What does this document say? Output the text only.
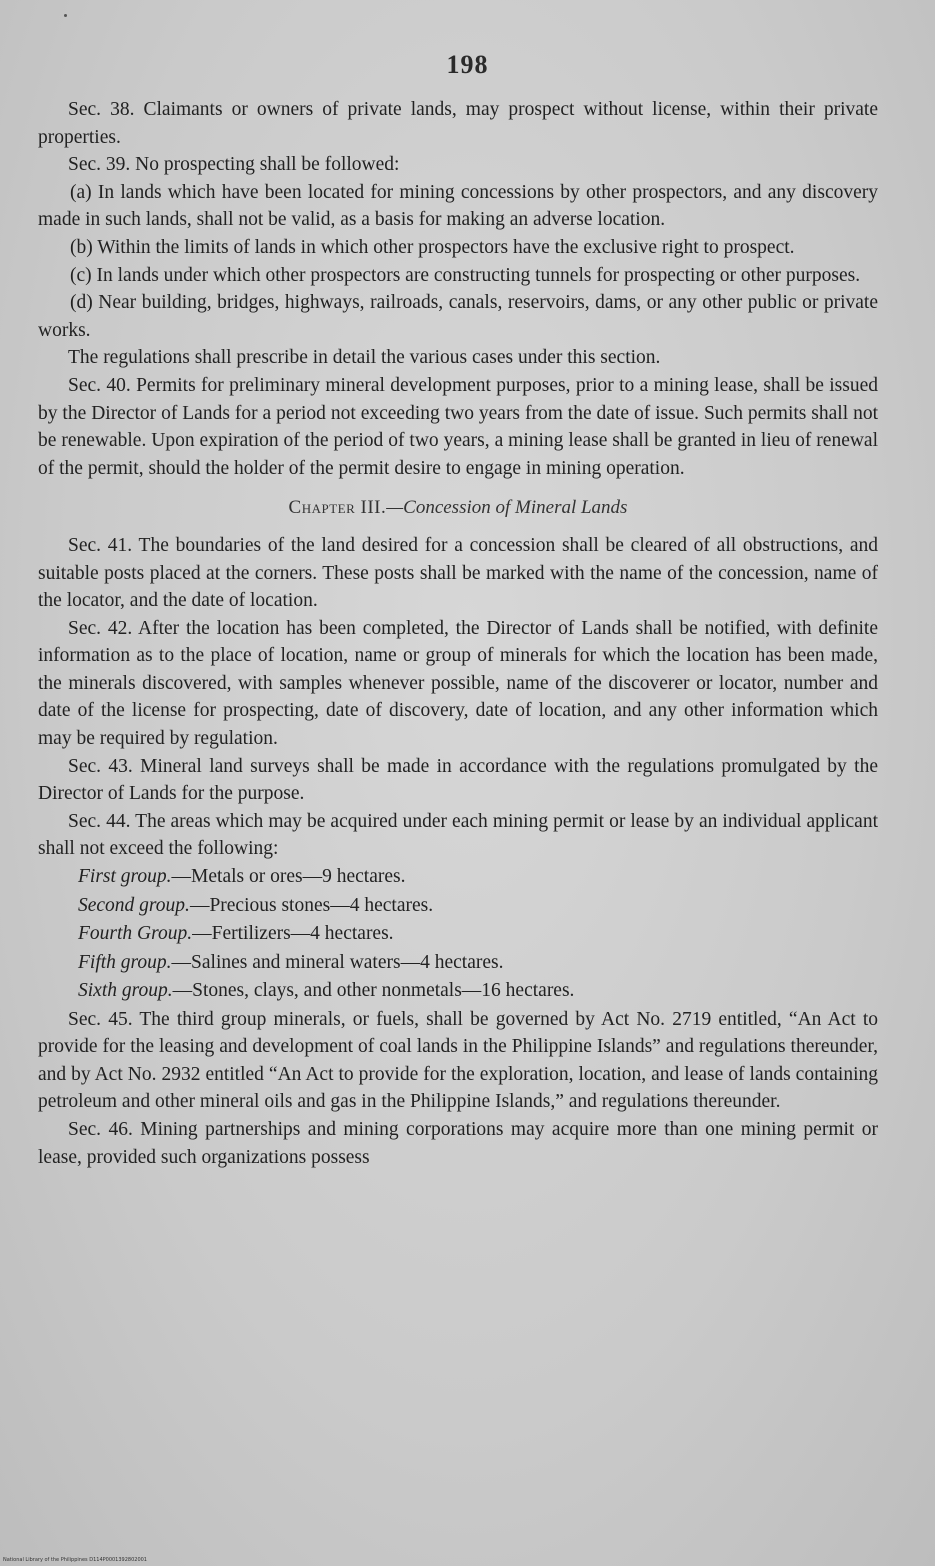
198

Sec. 38. Claimants or owners of private lands, may prospect without license, within their private properties.

Sec. 39. No prospecting shall be followed:

(a) In lands which have been located for mining concessions by other prospectors, and any discovery made in such lands, shall not be valid, as a basis for making an adverse location.

(b) Within the limits of lands in which other prospectors have the exclusive right to prospect.

(c) In lands under which other prospectors are constructing tunnels for prospecting or other purposes.

(d) Near building, bridges, highways, railroads, canals, reservoirs, dams, or any other public or private works.

The regulations shall prescribe in detail the various cases under this section.

Sec. 40. Permits for preliminary mineral development purposes, prior to a mining lease, shall be issued by the Director of Lands for a period not exceeding two years from the date of issue. Such permits shall not be renewable. Upon expiration of the period of two years, a mining lease shall be granted in lieu of renewal of the permit, should the holder of the permit desire to engage in mining operation.

Chapter III.—Concession of Mineral Lands

Sec. 41. The boundaries of the land desired for a concession shall be cleared of all obstructions, and suitable posts placed at the corners. These posts shall be marked with the name of the concession, name of the locator, and the date of location.

Sec. 42. After the location has been completed, the Director of Lands shall be notified, with definite information as to the place of location, name or group of minerals for which the location has been made, the minerals discovered, with samples whenever possible, name of the discoverer or locator, number and date of the license for prospecting, date of discovery, date of location, and any other information which may be required by regulation.

Sec. 43. Mineral land surveys shall be made in accordance with the regulations promulgated by the Director of Lands for the purpose.

Sec. 44. The areas which may be acquired under each mining permit or lease by an individual applicant shall not exceed the following:

First group.—Metals or ores—9 hectares.
Second group.—Precious stones—4 hectares.
Fourth Group.—Fertilizers—4 hectares.
Fifth group.—Salines and mineral waters—4 hectares.
Sixth group.—Stones, clays, and other nonmetals—16 hectares.

Sec. 45. The third group minerals, or fuels, shall be governed by Act No. 2719 entitled, “An Act to provide for the leasing and development of coal lands in the Philippine Islands” and regulations thereunder, and by Act No. 2932 entitled “An Act to provide for the exploration, location, and lease of lands containing petroleum and other mineral oils and gas in the Philippine Islands,” and regulations thereunder.

Sec. 46. Mining partnerships and mining corporations may acquire more than one mining permit or lease, provided such organizations possess

National Library of the Philippines D114P0001392802001
